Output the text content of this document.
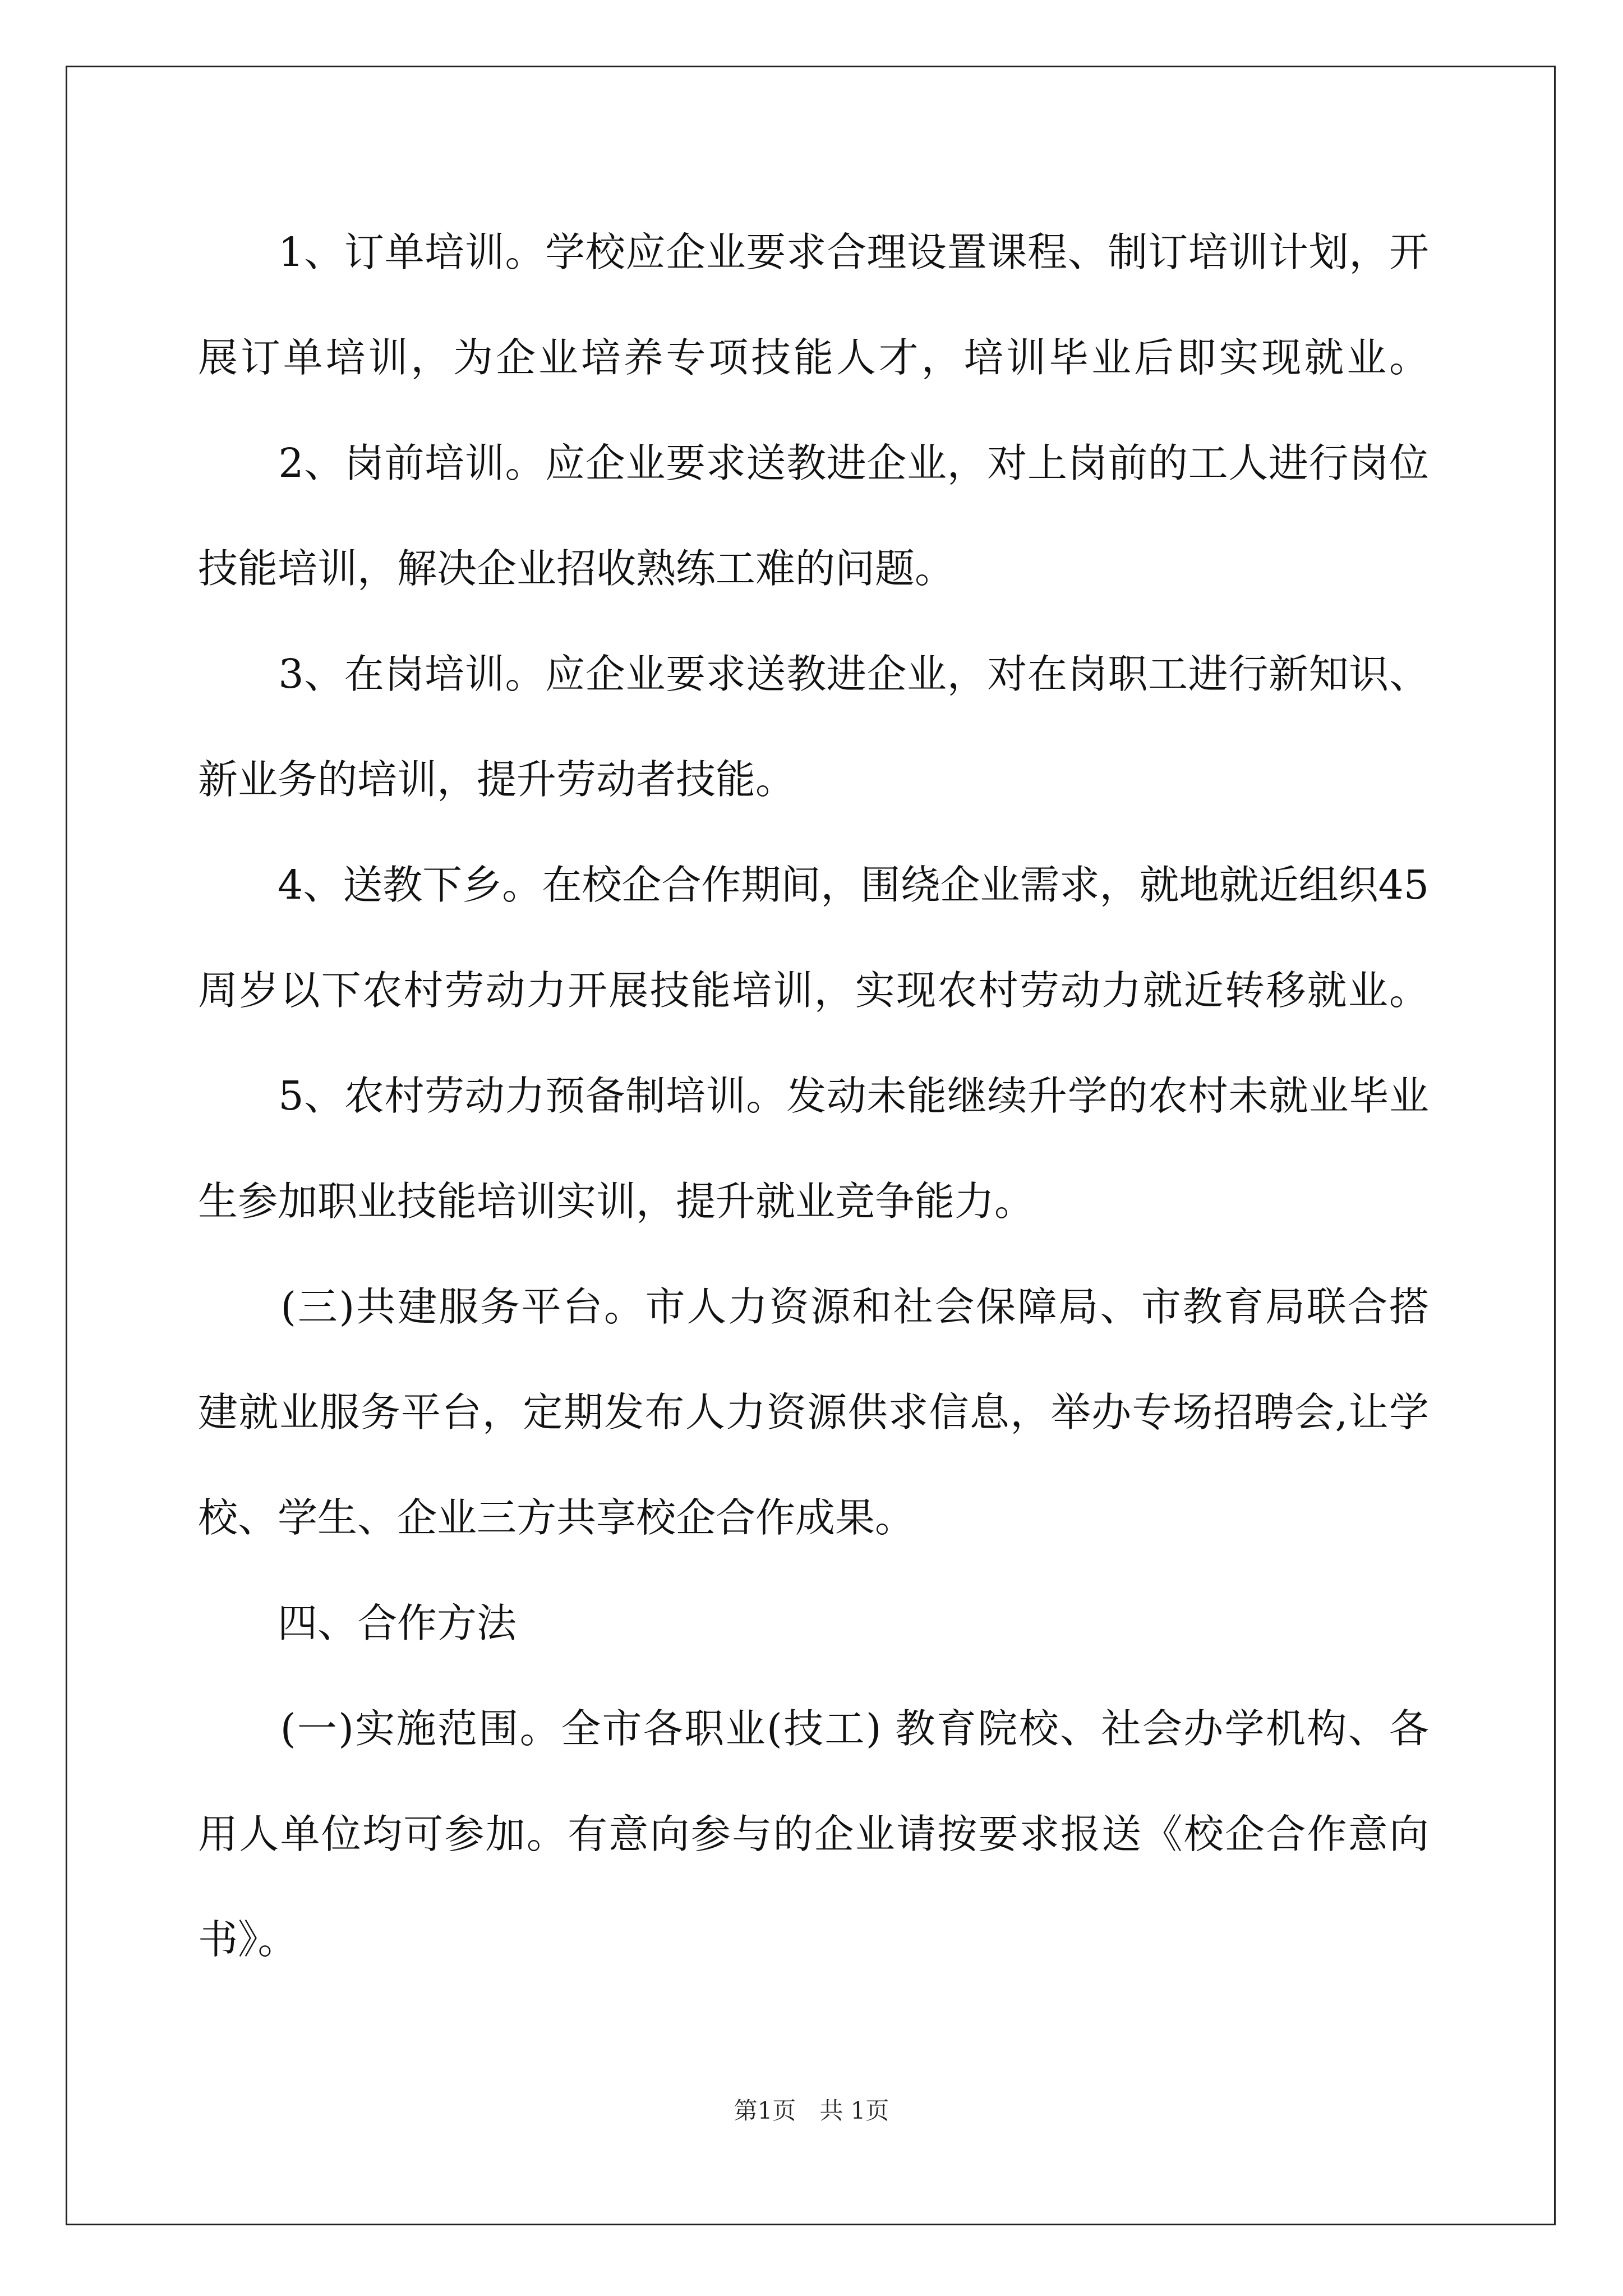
　　1、订单培训。学校应企业要求合理设置课程、制订培训计划，开
展订单培训，为企业培养专项技能人才，培训毕业后即实现就业。
　　2、岗前培训。应企业要求送教进企业，对上岗前的工人进行岗位
技能培训，解决企业招收熟练工难的问题。
　　3、在岗培训。应企业要求送教进企业，对在岗职工进行新知识、
新业务的培训，提升劳动者技能。
　　4、送教下乡。在校企合作期间，围绕企业需求，就地就近组织45
周岁以下农村劳动力开展技能培训，实现农村劳动力就近转移就业。
　　5、农村劳动力预备制培训。发动未能继续升学的农村未就业毕业
生参加职业技能培训实训，提升就业竞争能力。
　　(三)共建服务平台。市人力资源和社会保障局、市教育局联合搭
建就业服务平台，定期发布人力资源供求信息，举办专场招聘会,让学
校、学生、企业三方共享校企合作成果。
　　四、合作方法
　　(一)实施范围。全市各职业(技工) 教育院校、社会办学机构、各
用人单位均可参加。有意向参与的企业请按要求报送《校企合作意向
书》。
第1页　共 1页
